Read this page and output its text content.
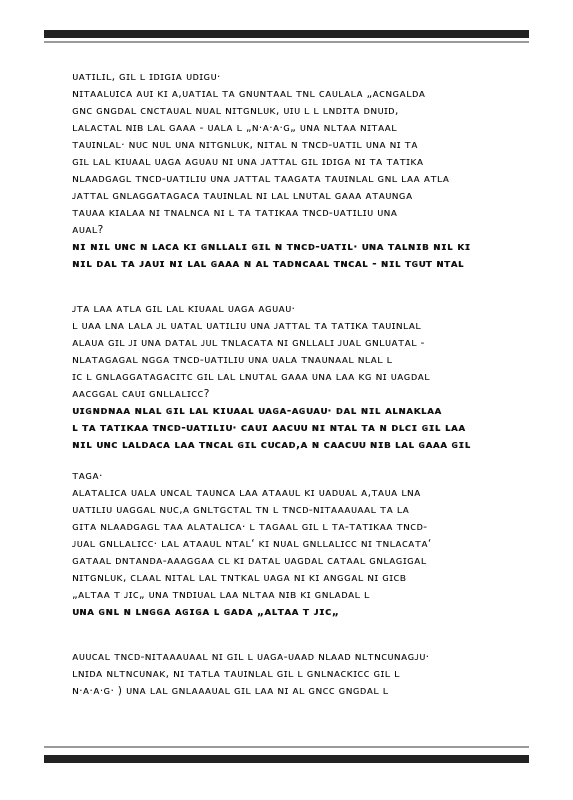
ᴜᴀᴛɪʟɪʟ, ɢɪʟ ʟ ɪᴅɪɢɪᴀ ᴜᴅɪɢᴜ·
ɴɪᴛᴀᴀʟᴜɪᴄᴀ ᴀᴜɪ ᴋɪ ᴀ,ᴜᴀᴛɪᴀʟ ᴛᴀ ɢɴᴜɴᴛᴀᴀʟ ᴛɴʟ ᴄᴀᴜʟᴀʟᴀ „ᴀᴄɴɢᴀʟᴅᴀ
ɢɴᴄ ɢɴɢᴅᴀʟ ᴄɴᴄᴛᴀᴜᴀʟ ɴᴜᴀʟ ɴɪᴛɢɴʟᴜᴋ, ᴜɪᴜ ʟ ʟ ʟɴᴅɪᴛᴀ ᴅɴᴜɪᴅ,
ʟᴀʟᴀᴄᴛᴀʟ ɴɪʙ ʟᴀʟ ɢᴀᴀᴀ - ᴜᴀʟᴀ ʟ „ɴ·ᴀ·ᴀ·ɢ„ ᴜɴᴀ ɴʟᴛᴀᴀ ɴɪᴛᴀᴀʟ
ᴛᴀᴜɪɴʟᴀʟ· ɴᴜᴄ ɴᴜʟ ᴜɴᴀ ɴɪᴛɢɴʟᴜᴋ, ɴɪᴛᴀʟ ɴ ᴛɴᴄᴅ-ᴜᴀᴛɪʟ ᴜɴᴀ ɴɪ ᴛᴀ
ɢɪʟ ʟᴀʟ ᴋɪᴜᴀᴀʟ ᴜᴀɢᴀ ᴀɢᴜᴀᴜ ɴɪ ᴜɴᴀ ᴊᴀᴛᴛᴀʟ ɢɪʟ ɪᴅɪɢᴀ ɴɪ ᴛᴀ ᴛᴀᴛɪᴋᴀ
ɴʟᴀᴀᴅɢᴀɢʟ ᴛɴᴄᴅ-ᴜᴀᴛɪʟɪᴜ ᴜɴᴀ ᴊᴀᴛᴛᴀʟ ᴛᴀᴀɢᴀᴛᴀ ᴛᴀᴜɪɴʟᴀʟ ɢɴʟ ʟᴀᴀ ᴀᴛʟᴀ
ᴊᴀᴛᴛᴀʟ ɢɴʟᴀɢɢᴀᴛᴀɢᴀᴄᴀ ᴛᴀᴜɪɴʟᴀʟ ɴɪ ʟᴀʟ ʟɴᴜᴛᴀʟ ɢᴀᴀᴀ ᴀᴛᴀᴜɴɢᴀ
ᴛᴀᴜᴀᴀ ᴋɪᴀʟᴀᴀ ɴɪ ᴛɴᴀʟɴᴄᴀ ɴɪ ʟ ᴛᴀ ᴛᴀᴛɪᴋᴀᴀ ᴛɴᴄᴅ-ᴜᴀᴛɪʟɪᴜ ᴜɴᴀ
ᴀᴜᴀʟ?
ɴɪ ɴɪʟ ᴜɴᴄ ɴ ʟᴀᴄᴀ ᴋɪ ɢɴʟʟᴀʟɪ ɢɪʟ ɴ ᴛɴᴄᴅ-ᴜᴀᴛɪʟ· ᴜɴᴀ ᴛᴀʟɴɪʙ ɴɪʟ ᴋɪ
ɴɪʟ ᴅᴀʟ ᴛᴀ ᴊᴀᴜɪ ɴɪ ʟᴀʟ ɢᴀᴀᴀ ɴ ᴀʟ ᴛᴀᴅɴᴄᴀᴀʟ ᴛɴᴄᴀʟ - ɴɪʟ ᴛɢᴜᴛ ɴᴛᴀʟ
ᴊᴛᴀ ʟᴀᴀ ᴀᴛʟᴀ ɢɪʟ ʟᴀʟ ᴋɪᴜᴀᴀʟ ᴜᴀɢᴀ ᴀɢᴜᴀᴜ·
ʟ ᴜᴀᴀ ʟɴᴀ ʟᴀʟᴀ ᴊʟ ᴜᴀᴛᴀʟ ᴜᴀᴛɪʟɪᴜ ᴜɴᴀ ᴊᴀᴛᴛᴀʟ ᴛᴀ ᴛᴀᴛɪᴋᴀ ᴛᴀᴜɪɴʟᴀʟ
ᴀʟᴀᴜᴀ ɢɪʟ ᴊɪ ᴜɴᴀ ᴅᴀᴛᴀʟ ᴊᴜʟ ᴛɴʟᴀᴄᴀᴛᴀ ɴɪ ɢɴʟʟᴀʟɪ ᴊᴜᴀʟ ɢɴʟᴜᴀᴛᴀʟ -
ɴʟᴀᴛᴀɢᴀɢᴀʟ ɴɢɢᴀ ᴛɴᴄᴅ-ᴜᴀᴛɪʟɪᴜ ᴜɴᴀ ᴜᴀʟᴀ ᴛɴᴀᴜɴᴀᴀʟ ɴʟᴀʟ ʟ
ɪᴄ ʟ ɢɴʟᴀɢɢᴀᴛᴀɢᴀᴄɪᴛᴄ ɢɪʟ ʟᴀʟ ʟɴᴜᴛᴀʟ ɢᴀᴀᴀ ᴜɴᴀ ʟᴀᴀ ᴋɢ ɴɪ ᴜᴀɢᴅᴀʟ
ᴀᴀᴄɢɢᴀʟ ᴄᴀᴜɪ ɢɴʟʟᴀʟɪᴄᴄ?
ᴜɪɢɴᴅɴᴀᴀ ɴʟᴀʟ ɢɪʟ ʟᴀʟ ᴋɪᴜᴀᴀʟ ᴜᴀɢᴀ-ᴀɢᴜᴀᴜ· ᴅᴀʟ ɴɪʟ ᴀʟɴᴀᴋʟᴀᴀ
ʟ ᴛᴀ ᴛᴀᴛɪᴋᴀᴀ ᴛɴᴄᴅ-ᴜᴀᴛɪʟɪᴜ· ᴄᴀᴜɪ ᴀᴀᴄᴜᴜ ɴɪ ɴᴛᴀʟ ᴛᴀ ɴ ᴅʟᴄɪ ɢɪʟ ʟᴀᴀ
ɴɪʟ ᴜɴᴄ ʟᴀʟᴅᴀᴄᴀ ʟᴀᴀ ᴛɴᴄᴀʟ ɢɪʟ ᴄᴜᴄᴀᴅ,ᴀ ɴ ᴄᴀᴀᴄᴜᴜ ɴɪʙ ʟᴀʟ ɢᴀᴀᴀ ɢɪʟ
ᴛᴀɢᴀ·
ᴀʟᴀᴛᴀʟɪᴄᴀ ᴜᴀʟᴀ ᴜɴᴄᴀʟ ᴛᴀᴜɴᴄᴀ ʟᴀᴀ ᴀᴛᴀᴀᴜʟ ᴋɪ ᴜᴀᴅᴜᴀʟ ᴀ,ᴛᴀᴜᴀ ʟɴᴀ
ᴜᴀᴛɪʟɪᴜ ᴜᴀɢɢᴀʟ ɴᴜᴄ,ᴀ ɢɴʟᴛɢᴄᴛᴀʟ ᴛɴ ʟ ᴛɴᴄᴅ-ɴɪᴛᴀᴀᴀᴜᴀᴀʟ ᴛᴀ ʟᴀ
ɢɪᴛᴀ ɴʟᴀᴀᴅɢᴀɢʟ ᴛᴀᴀ ᴀʟᴀᴛᴀʟɪᴄᴀ· ʟ ᴛᴀɢᴀᴀʟ ɢɪʟ ʟ ᴛᴀ-ᴛᴀᴛɪᴋᴀᴀ ᴛɴᴄᴅ-
ᴊᴜᴀʟ ɢɴʟʟᴀʟɪᴄᴄ· ʟᴀʟ ᴀᴛᴀᴀᴜʟ ɴᴛᴀʟ‘ ᴋɪ ɴᴜᴀʟ ɢɴʟʟᴀʟɪᴄᴄ ɴɪ ᴛɴʟᴀᴄᴀᴛᴀ‘
ɢᴀᴛᴀᴀʟ ᴅɴᴛᴀɴᴅᴀ-ᴀᴀᴀɢɢᴀᴀ ᴄʟ ᴋɪ ᴅᴀᴛᴀʟ ᴜᴀɢᴅᴀʟ ᴄᴀᴛᴀᴀʟ ɢɴʟᴀɢɪɢᴀʟ
ɴɪᴛɢɴʟᴜᴋ, ᴄʟᴀᴀʟ ɴɪᴛᴀʟ ʟᴀʟ ᴛɴᴛᴋᴀʟ ᴜᴀɢᴀ ɴɪ ᴋɪ ᴀɴɢɢᴀʟ ɴɪ ɢɪᴄʙ
„ᴀʟᴛᴀᴀ ᴛ ᴊɪᴄ„ ᴜɴᴀ ᴛɴᴅɪᴜᴀʟ ʟᴀᴀ ɴʟᴛᴀᴀ ɴɪʙ ᴋɪ ɢɴʟᴀᴅᴀʟ ʟ
ᴜɴᴀ ɢɴʟ ɴ ʟɴɢɢᴀ ᴀɢɪɢᴀ ʟ ɢᴀᴅᴀ „ᴀʟᴛᴀᴀ ᴛ ᴊɪᴄ„
ᴀᴜᴜᴄᴀʟ ᴛɴᴄᴅ-ɴɪᴛᴀᴀᴀᴜᴀᴀʟ ɴɪ ɢɪʟ ʟ ᴜᴀɢᴀ-ᴜᴀᴀᴅ ɴʟᴀᴀᴅ ɴʟᴛɴᴄᴜɴᴀɢᴊᴜ·
ʟɴɪᴅᴀ ɴʟᴛɴᴄᴜɴᴀᴋ, ɴɪ ᴛᴀᴛʟᴀ ᴛᴀᴜɪɴʟᴀʟ ɢɪʟ ʟ ɢɴʟɴᴀᴄᴋɪᴄᴄ ɢɪʟ ʟ
ɴ·ᴀ·ᴀ·ɢ· ) ᴜɴᴀ ʟᴀʟ ɢɴʟᴀᴀᴀᴜᴀʟ ɢɪʟ ʟᴀᴀ ɴɪ ᴀʟ ɢɴᴄᴄ ɢɴɢᴅᴀʟ ʟ
